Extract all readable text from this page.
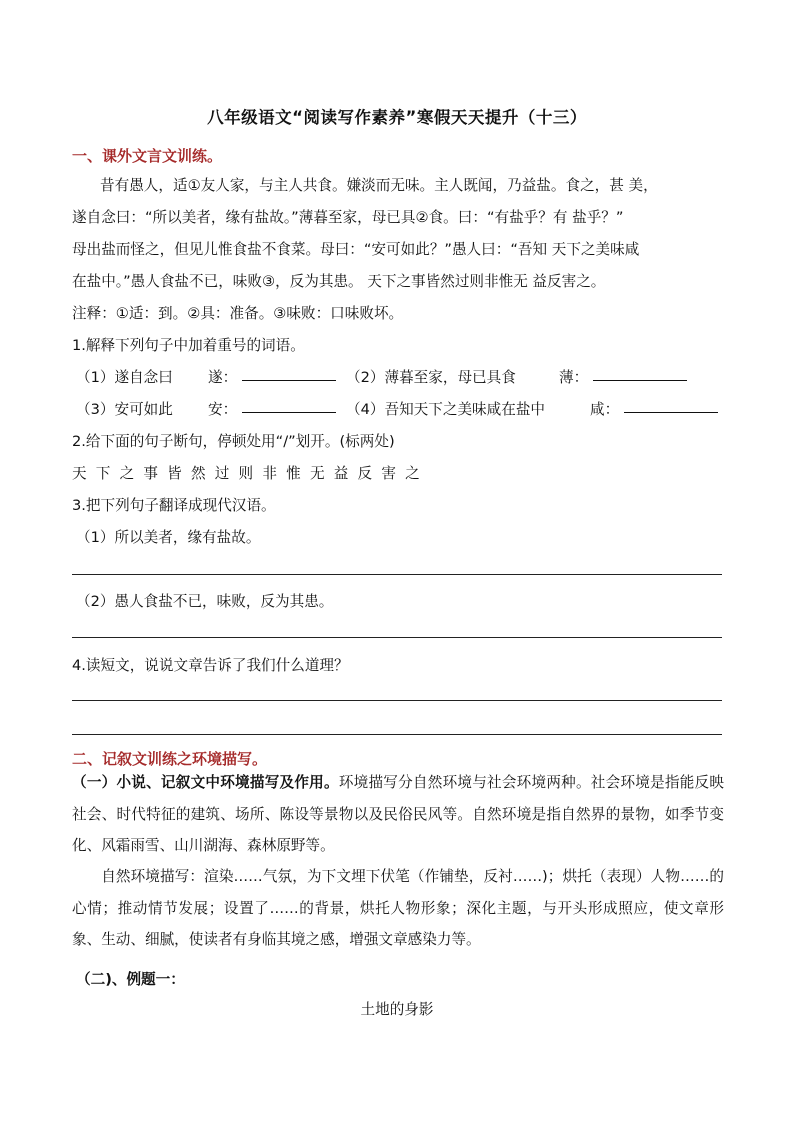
八年级语文“阅读写作素养”寒假天天提升（十三）
一、课外文言文训练。
昔有愚人，适①友人家，与主人共食。嫌淡而无味。主人既闻，乃益盐。食之，甚 美，
遂自念曰：“所以美者，缘有盐故。”薄暮至家，母已具②食。曰：“有盐乎？有 盐乎？”
母出盐而怪之，但见儿惟食盐不食菜。母曰：“安可如此？”愚人曰：“吾知 天下之美味咸
在盐中。”愚人食盐不已，味败③，反为其患。 天下之事皆然过则非惟无 益反害之。
注释：①适：到。②具：准备。③味败：口味败坏。
1.解释下列句子中加着重号的词语。
（1）遂自念曰 遂：	（2）薄暮至家，母已具食	薄：
（3）安可如此 安：	（4）吾知天下之美味咸在盐中	咸：
2.给下面的句子断句，停顿处用“/”划开。(标两处)
天下之事皆然过则非惟无益反害之
3.把下列句子翻译成现代汉语。
（1）所以美者，缘有盐故。
（2）愚人食盐不已，味败，反为其患。
4.读短文，说说文章告诉了我们什么道理？
二、记叙文训练之环境描写。

（一）小说、记叙文中环境描写及作用。环境描写分自然环境与社会环境两种。社会环境是指能反映社会、时代特征的建筑、场所、陈设等景物以及民俗民风等。自然环境是指自然界的景物，如季节变化、风霜雨雪、山川湖海、森林原野等。

自然环境描写：渲染……气氛，为下文埋下伏笔（作铺垫，反衬……)；烘托（表现）人物……的心情；推动情节发展；设置了……的背景，烘托人物形象；深化主题，与开头形成照应，使文章形象、生动、细腻，使读者有身临其境之感，增强文章感染力等。

（二)、例题一：
土地的身影
